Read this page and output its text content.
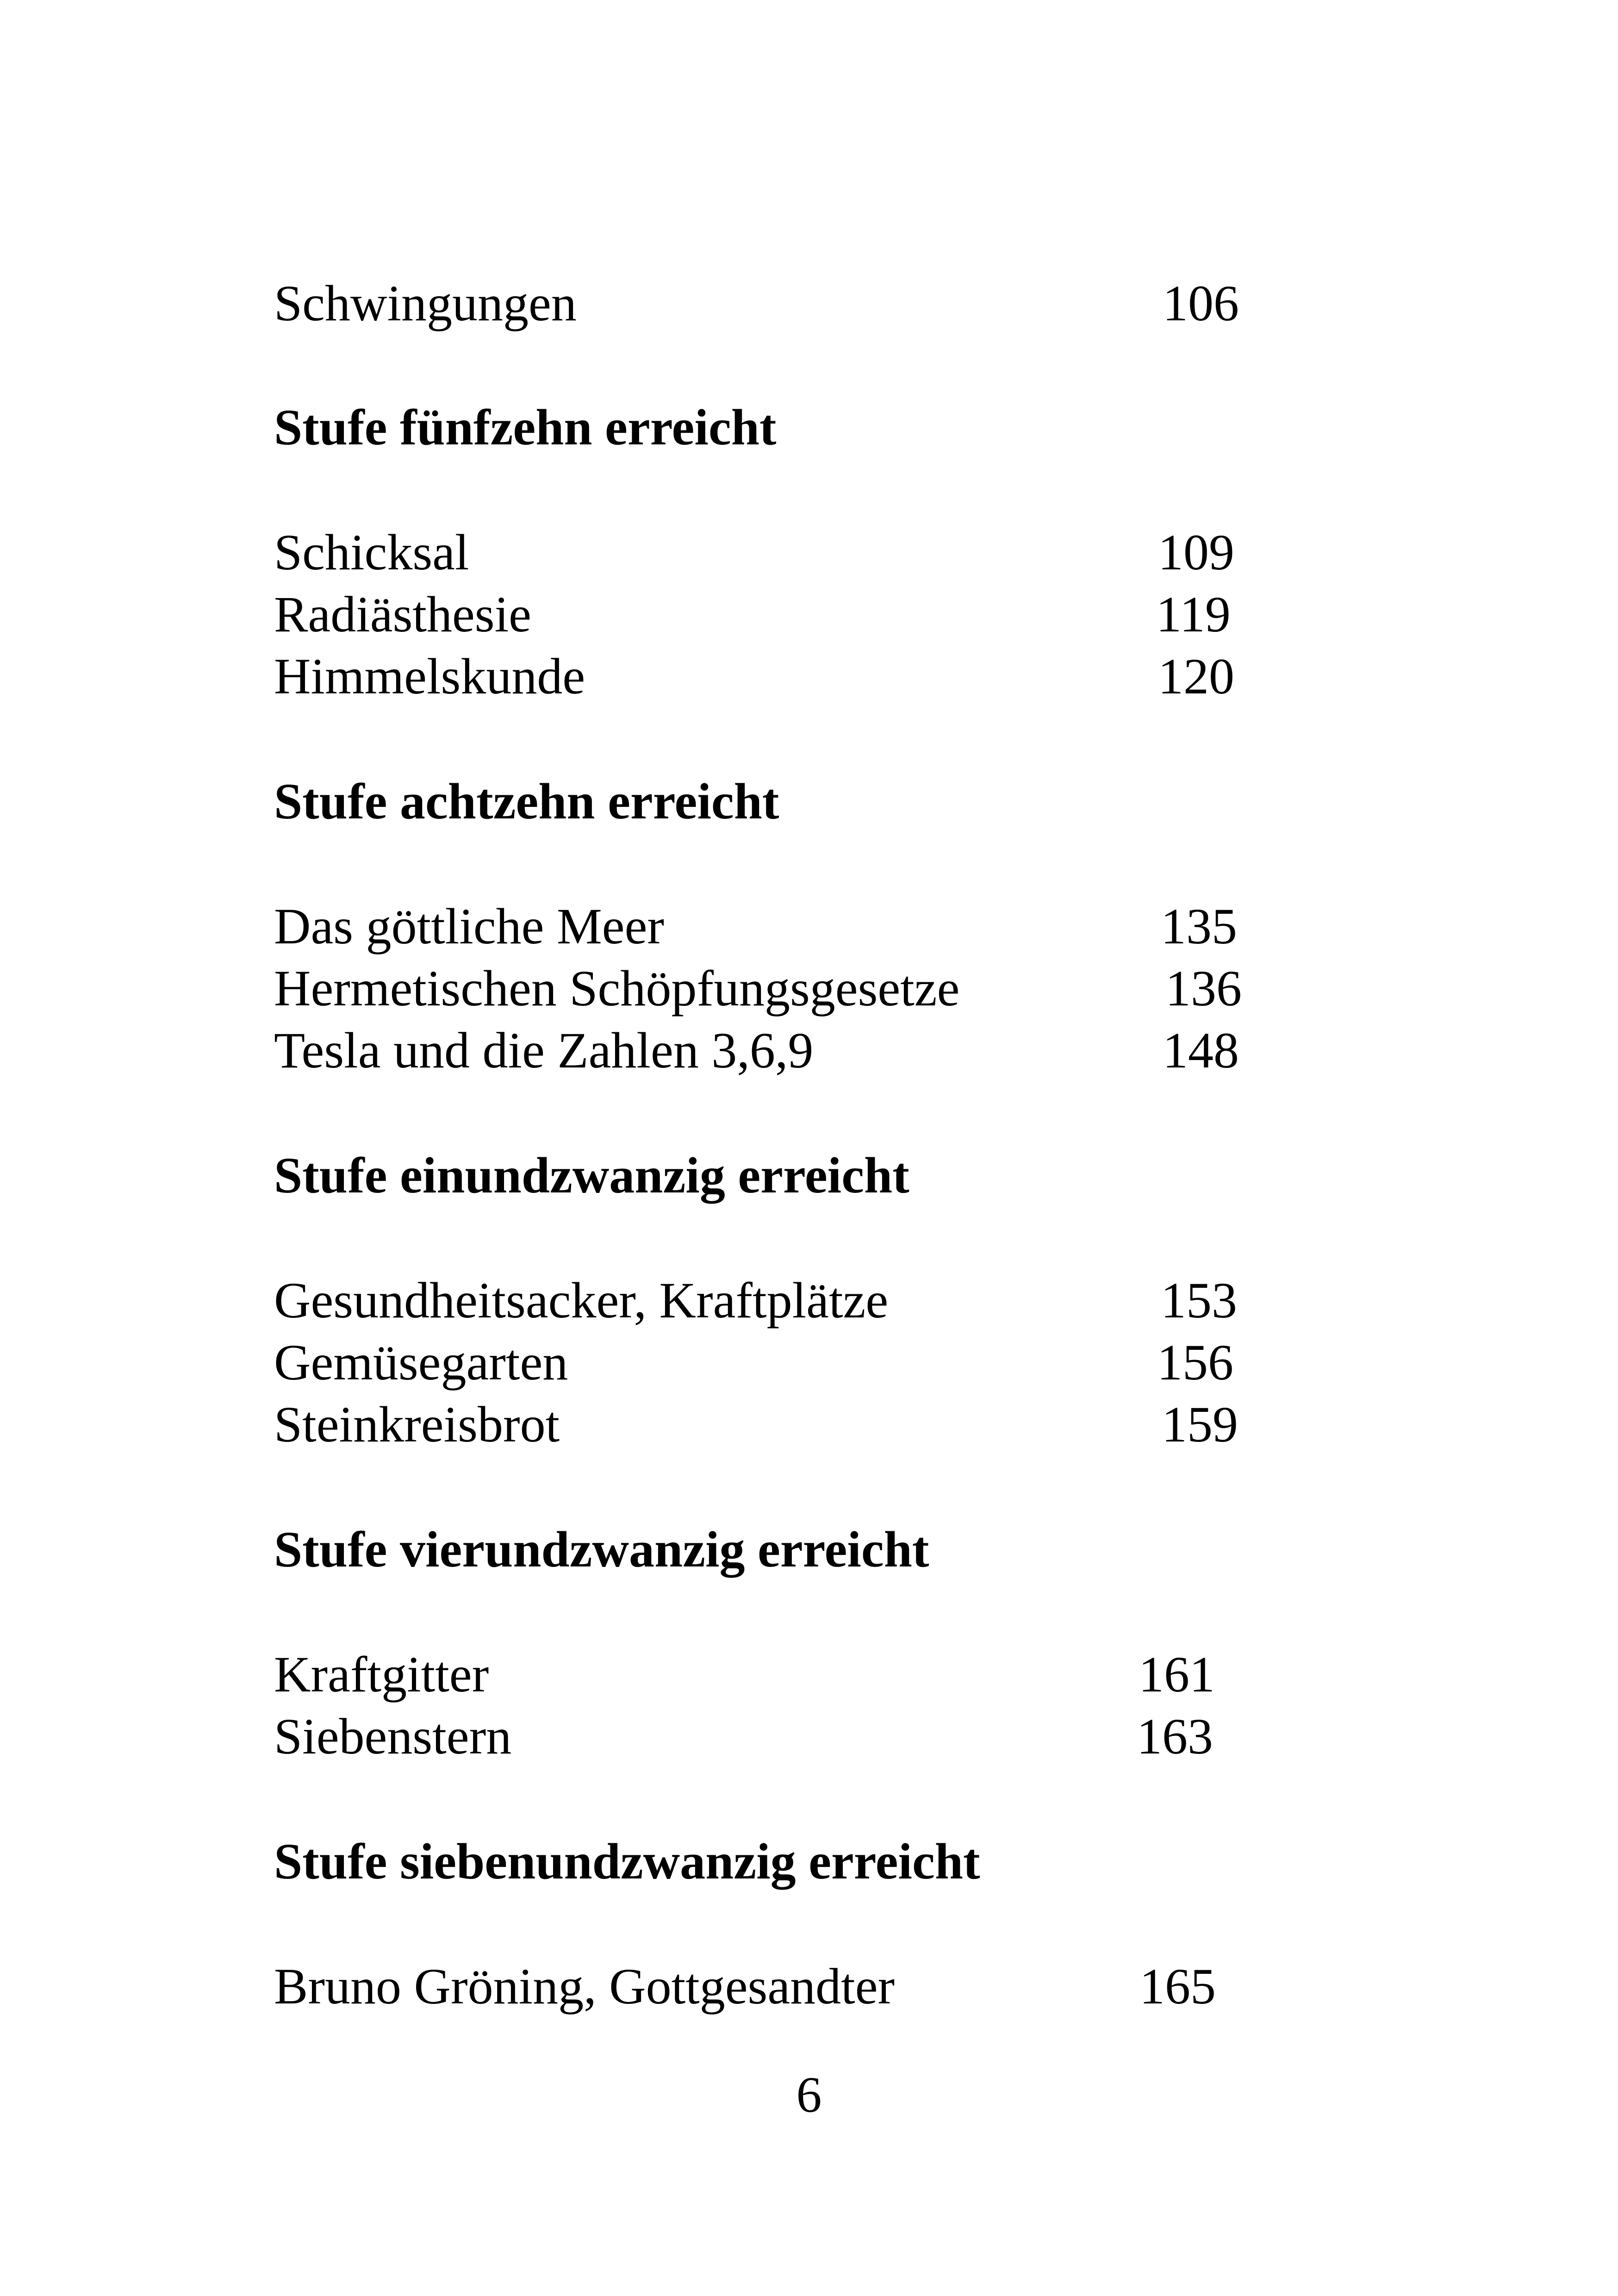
Schwingungen	106
Stufe fünfzehn erreicht
Schicksal	109
Radiästhesie	119
Himmelskunde	120
Stufe achtzehn erreicht
Das göttliche Meer	135
Hermetischen Schöpfungsgesetze	136
Tesla und die Zahlen 3,6,9	148
Stufe einundzwanzig erreicht
Gesundheitsacker, Kraftplätze	153
Gemüsegarten	156
Steinkreisbrot	159
Stufe vierundzwanzig erreicht
Kraftgitter	161
Siebenstern	163
Stufe siebenundzwanzig erreicht
Bruno Gröning, Gottgesandter	165
6
